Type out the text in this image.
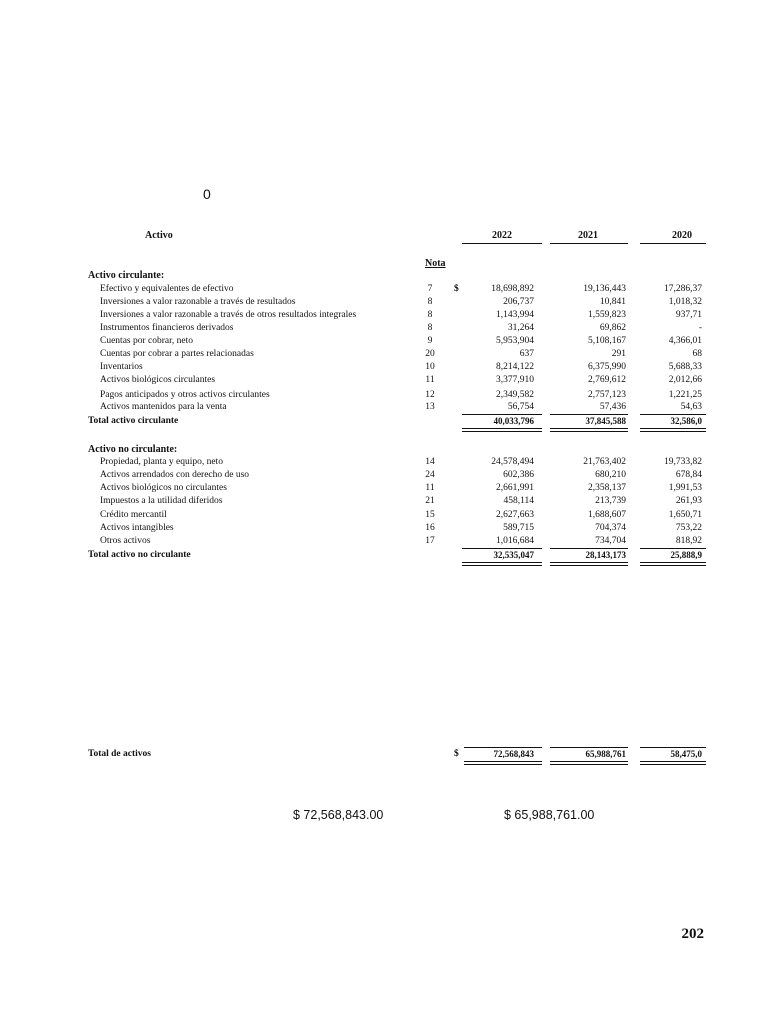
0
Activo	2022	2021	2020
Nota
Activo circulante:
Efectivo y equivalentes de efectivo	7	$	18,698,892	19,136,443	17,286,37
Inversiones a valor razonable a través de resultados	8	206,737	10,841	1,018,32
Inversiones a valor razonable a través de otros resultados integrales	8	1,143,994	1,559,823	937,71
Instrumentos financieros derivados	8	31,264	69,862	-
Cuentas por cobrar, neto	9	5,953,904	5,108,167	4,366,01
Cuentas por cobrar a partes relacionadas	20	637	291	68
Inventarios	10	8,214,122	6,375,990	5,688,33
Activos biológicos circulantes	11	3,377,910	2,769,612	2,012,66
Pagos anticipados y otros activos circulantes	12	2,349,582	2,757,123	1,221,25
Activos mantenidos para la venta	13	56,754	57,436	54,63
Total activo circulante	40,033,796	37,845,588	32,586,0
Activo no circulante:
Propiedad, planta y equipo, neto	14	24,578,494	21,763,402	19,733,82
Activos arrendados con derecho de uso	24	602,386	680,210	678,84
Activos biológicos no circulantes	11	2,661,991	2,358,137	1,991,53
Impuestos a la utilidad diferidos	21	458,114	213,739	261,93
Crédito mercantil	15	2,627,663	1,688,607	1,650,71
Activos intangibles	16	589,715	704,374	753,22
Otros activos	17	1,016,684	734,704	818,92
Total activo no circulante	32,535,047	28,143,173	25,888,9
Total de activos	$	72,568,843	65,988,761	58,475,0
$ 72,568,843.00	$ 65,988,761.00
202
